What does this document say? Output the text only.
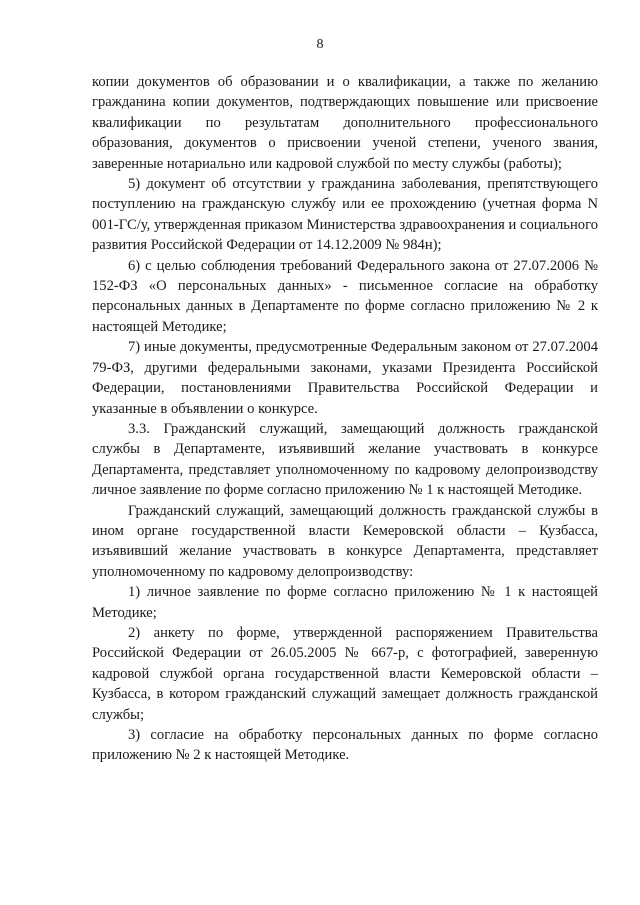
8

копии документов об образовании и о квалификации, а также по желанию гражданина копии документов, подтверждающих повышение или присвоение квалификации по результатам дополнительного профессионального образования, документов о присвоении ученой степени, ученого звания, заверенные нотариально или кадровой службой по месту службы (работы);

5) документ об отсутствии у гражданина заболевания, препятствующего поступлению на гражданскую службу или ее прохождению (учетная форма N 001-ГС/у, утвержденная приказом Министерства здравоохранения и социального развития Российской Федерации от 14.12.2009 № 984н);

6) с целью соблюдения требований Федерального закона от 27.07.2006 № 152-ФЗ «О персональных данных» - письменное согласие на обработку персональных данных в Департаменте по форме согласно приложению № 2 к настоящей Методике;

7) иные документы, предусмотренные Федеральным законом от 27.07.2004 79-ФЗ, другими федеральными законами, указами Президента Российской Федерации, постановлениями Правительства Российской Федерации и указанные в объявлении о конкурсе.

3.3. Гражданский служащий, замещающий должность гражданской службы в Департаменте, изъявивший желание участвовать в конкурсе Департамента, представляет уполномоченному по кадровому делопроизводству личное заявление по форме согласно приложению № 1 к настоящей Методике.

Гражданский служащий, замещающий должность гражданской службы в ином органе государственной власти Кемеровской области – Кузбасса, изъявивший желание участвовать в конкурсе Департамента, представляет уполномоченному по кадровому делопроизводству:

1) личное заявление по форме согласно приложению № 1 к настоящей Методике;

2) анкету по форме, утвержденной распоряжением Правительства Российской Федерации от 26.05.2005 № 667-р, с фотографией, заверенную кадровой службой органа государственной власти Кемеровской области – Кузбасса, в котором гражданский служащий замещает должность гражданской службы;

3) согласие на обработку персональных данных по форме согласно приложению № 2 к настоящей Методике.
